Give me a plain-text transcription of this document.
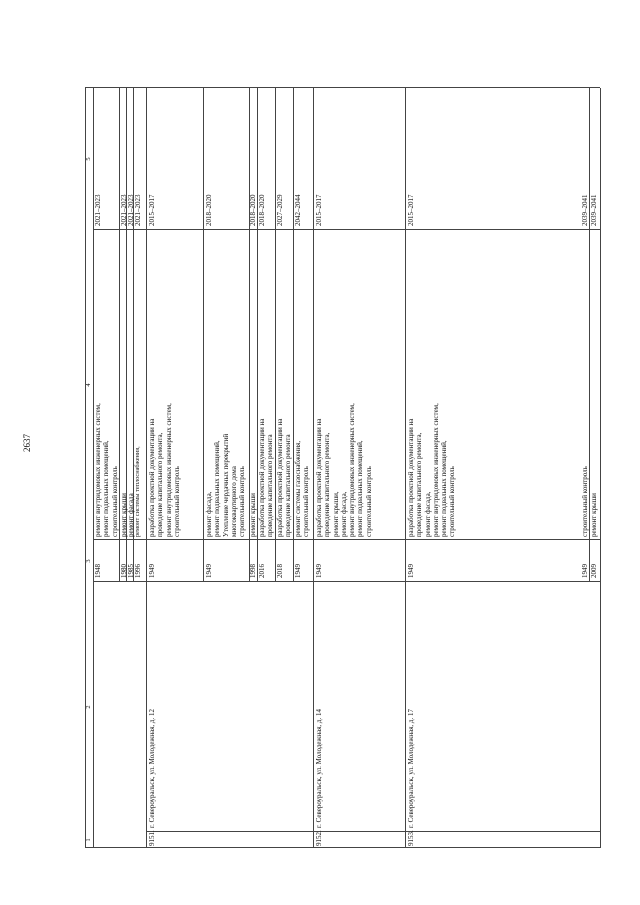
2637
1
2
3
4
5
1948	1980 1985 1996
ремонт внутридомовых инженерных систем, ремонт подвальных помещений, строительный контроль ремонт крыши ремонт фасада ремонт системы теплоснабжения,
2021–2023	2021–2023 2021–2023 2021–2023
9151.
г. Североуральск, ул. Молодежная, д. 12
1949
разработка проектной документации на проведение капитального ремонта, ремонт внутридомовых инженерных систем, строительный контроль
2015–2017
1949
ремонт фасада, ремонт подвальных помещений, Утепление чердачных перекрытий многоквартирного дома строительный контроль
2018–2020
1998
ремонт крыши
2018–2020
2016
разработка проектной документации на проведение капитального ремонта
2018–2020
2018
разработка проектной документации на проведение капитального ремонта
2027–2029
1949
ремонт системы газоснабжения, строительный контроль
2042–2044
9152.
г. Североуральск, ул. Молодежная, д. 14
1949
разработка проектной документации на проведение капитального ремонта, ремонт крыши, ремонт фасада, ремонт внутридомовых инженерных систем, ремонт подвальных помещений, строительный контроль
2015–2017
9153.
г. Североуральск, ул. Молодежная, д. 17
1949
разработка проектной документации на проведение капитального ремонта, ремонт фасада, ремонт внутридомовых инженерных систем, ремонт подвальных помещений, строительный контроль
2015–2017
1949
строительный контроль
2039–2041
2009
ремонт крыши
2039–2041
